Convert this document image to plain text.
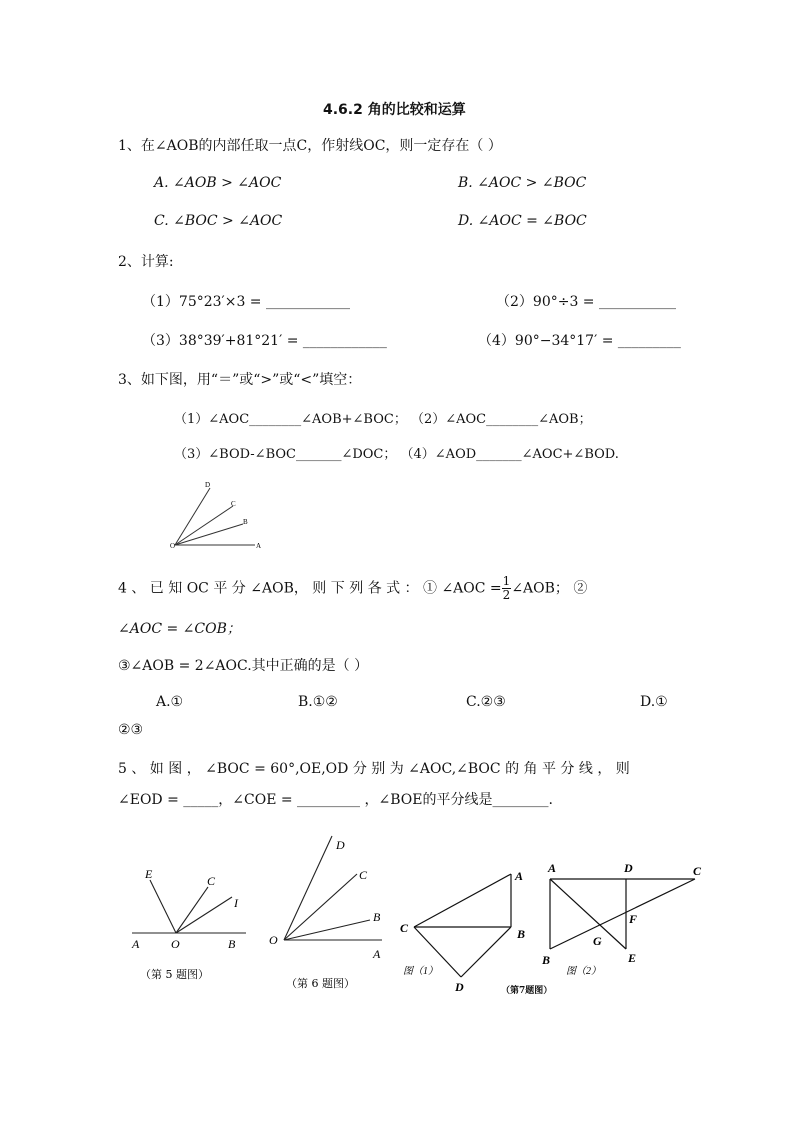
4.6.2 角的比较和运算
1、在∠AOB的内部任取一点C，作射线OC，则一定存在（ ）
A. ∠AOB > ∠AOC	B. ∠AOC > ∠BOC
C. ∠BOC > ∠AOC	D. ∠AOC = ∠BOC
2、计算:
（1）75°23′×3 = ____________	（2）90°÷3 = ___________
（3）38°39′+81°21′ = ____________	（4）90°−34°17′ = _________
3、如下图，用“＝”或“>”或“<”填空：
（1）∠AOC________∠AOB+∠BOC； （2）∠AOC________∠AOB；
（3）∠BOD-∠BOC_______∠DOC； （4）∠AOD_______∠AOC+∠BOD.
D
C
B
O	A
4 、 已 知 OC 平 分 ∠AOB， 则 下 列 各 式 ： ① ∠AOC = $\frac{1}{2}$ ∠AOB； ②
∠AOC = ∠COB；
③∠AOB = 2∠AOC.其中正确的是（ ）
A.①	B.①②	C.②③	D.①
②③
5 、 如 图 ， ∠BOC = 60°,OE,OD 分 别 为 ∠AOC,∠BOC 的 角 平 分 线 ， 则
∠EOD = _____，∠COE = _________ ，∠BOE的平分线是________.
E	C
I
A	O	B
（第 5 题图）
D
C
B
O
A
（第 6 题图）
A
C	B
D
图（1）
A	D	C
F
G
B	E
图（2）
（第7题图）
